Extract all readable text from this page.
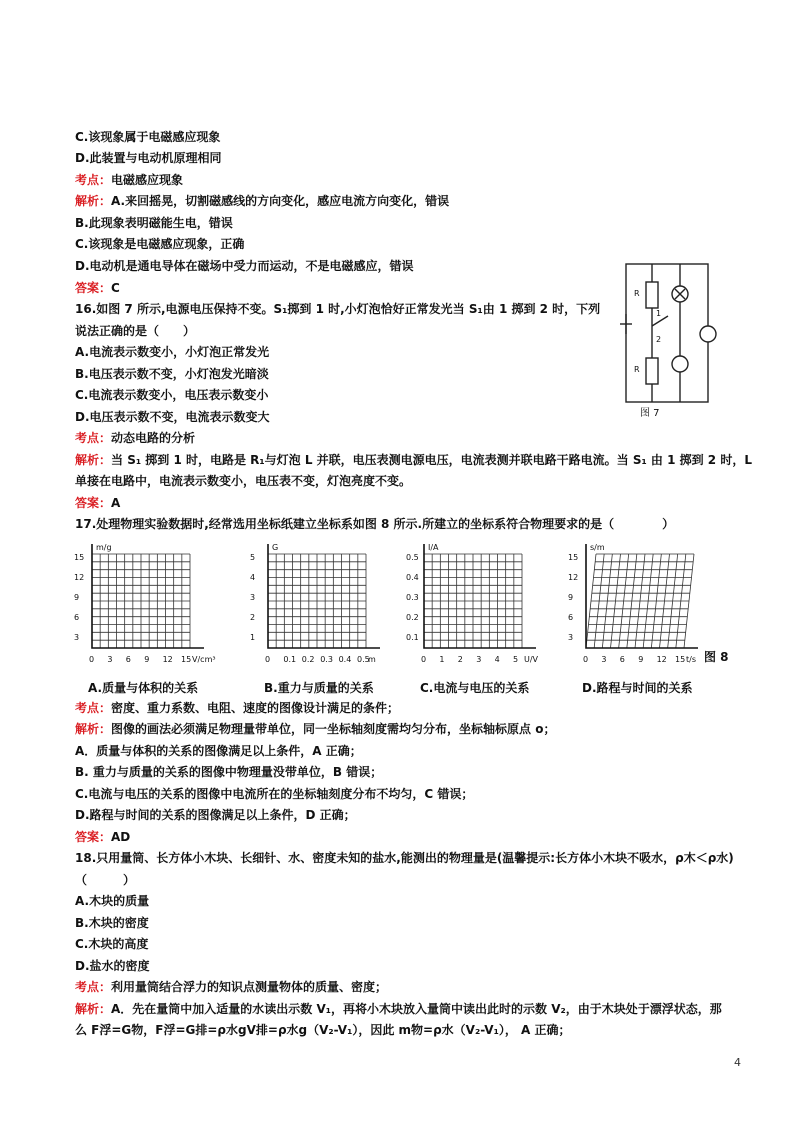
C.该现象属于电磁感应现象
D.此装置与电动机原理相同
考点：电磁感应现象
解析：A.来回摇晃，切割磁感线的方向变化，感应电流方向变化，错误
B.此现象表明磁能生电，错误
C.该现象是电磁感应现象，正确
D.电动机是通电导体在磁场中受力而运动，不是电磁感应，错误
答案：C
16.如图 7 所示,电源电压保持不变。S₁掷到 1 时,小灯泡恰好正常发光当 S₁由 1 掷到 2 时，下列
说法正确的是（　　）
A.电流表示数变小，小灯泡正常发光
B.电压表示数不变，小灯泡发光暗淡
C.电流表示数变小，电压表示数变小
D.电压表示数不变，电流表示数变大
考点：动态电路的分析
解析：当 S₁ 掷到 1 时，电路是 R₁与灯泡 L 并联，电压表测电源电压，电流表测并联电路干路电流。当 S₁ 由 1 掷到 2 时，L
单接在电路中，电流表示数变小，电压表不变，灯泡亮度不变。
答案：A
17.处理物理实验数据时,经常选用坐标纸建立坐标系如图 8 所示.所建立的坐标系符合物理要求的是（　　　　）
考点：密度、重力系数、电阻、速度的图像设计满足的条件；
解析：图像的画法必须满足物理量带单位，同一坐标轴刻度需均匀分布，坐标轴标原点 o；
A．质量与体积的关系的图像满足以上条件，A 正确；
B. 重力与质量的关系的图像中物理量没带单位，B 错误；
C.电流与电压的关系的图像中电流所在的坐标轴刻度分布不均匀，C 错误；
D.路程与时间的关系的图像满足以上条件，D 正确；
答案：AD
18.只用量筒、长方体小木块、长细针、水、密度未知的盐水,能测出的物理量是(温馨提示:长方体小木块不吸水，ρ木＜ρ水)
（　　　）
A.木块的质量
B.木块的密度
C.木块的高度
D.盐水的密度
考点：利用量筒结合浮力的知识点测量物体的质量、密度；
解析：A．先在量筒中加入适量的水读出示数 V₁，再将小木块放入量筒中读出此时的示数 V₂，由于木块处于漂浮状态，那
么 F浮=G物，F浮=G排=ρ水gV排=ρ水g（V₂-V₁），因此 m物=ρ水（V₂-V₁）， A 正确；
R
R
1
2
图 7
m/g
V/cm³
15
12
9
6
3
0 3 6 9 12 15
A.质量与体积的关系
G
m
5
4
3
2
1
0 0.1 0.2 0.3 0.4 0.5
B.重力与质量的关系
I/A
U/V
0.5
0.4
0.3
0.2
0.1
0 1 2 3 4 5
C.电流与电压的关系
s/m
t/s
15
12
9
6
3
0 3 6 9 12 15
D.路程与时间的关系
图 8
4
